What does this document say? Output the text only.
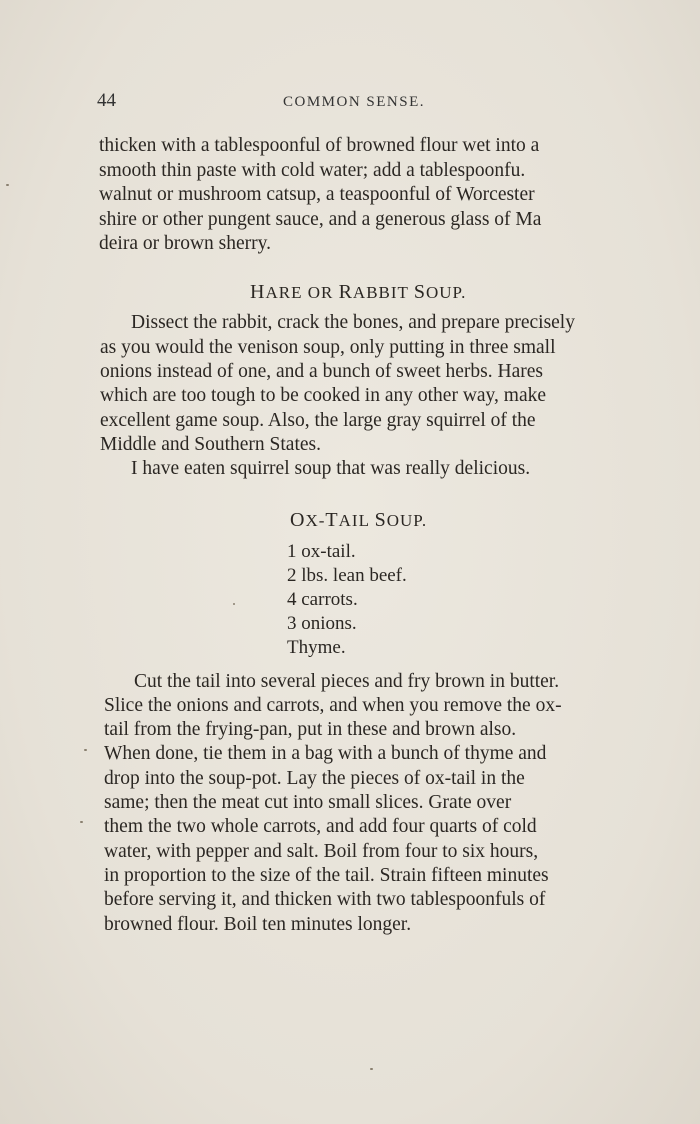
44	COMMON SENSE.
thicken with a tablespoonful of browned flour wet into a
smooth thin paste with cold water; add a tablespoonfu.
walnut or mushroom catsup, a teaspoonful of Worcester
shire or other pungent sauce, and a generous glass of Ma
deira or brown sherry.
HARE OR RABBIT SOUP.
Dissect the rabbit, crack the bones, and prepare precisely
as you would the venison soup, only putting in three small
onions instead of one, and a bunch of sweet herbs. Hares
which are too tough to be cooked in any other way, make
excellent game soup. Also, the large gray squirrel of the
Middle and Southern States.
I have eaten squirrel soup that was really delicious.
OX-TAIL SOUP.
1 ox-tail.
2 lbs. lean beef.
4 carrots.
3 onions.
Thyme.
Cut the tail into several pieces and fry brown in butter.
Slice the onions and carrots, and when you remove the ox-
tail from the frying-pan, put in these and brown also.
When done, tie them in a bag with a bunch of thyme and
drop into the soup-pot. Lay the pieces of ox-tail in the
same; then the meat cut into small slices. Grate over
them the two whole carrots, and add four quarts of cold
water, with pepper and salt. Boil from four to six hours,
in proportion to the size of the tail. Strain fifteen minutes
before serving it, and thicken with two tablespoonfuls of
browned flour. Boil ten minutes longer.
